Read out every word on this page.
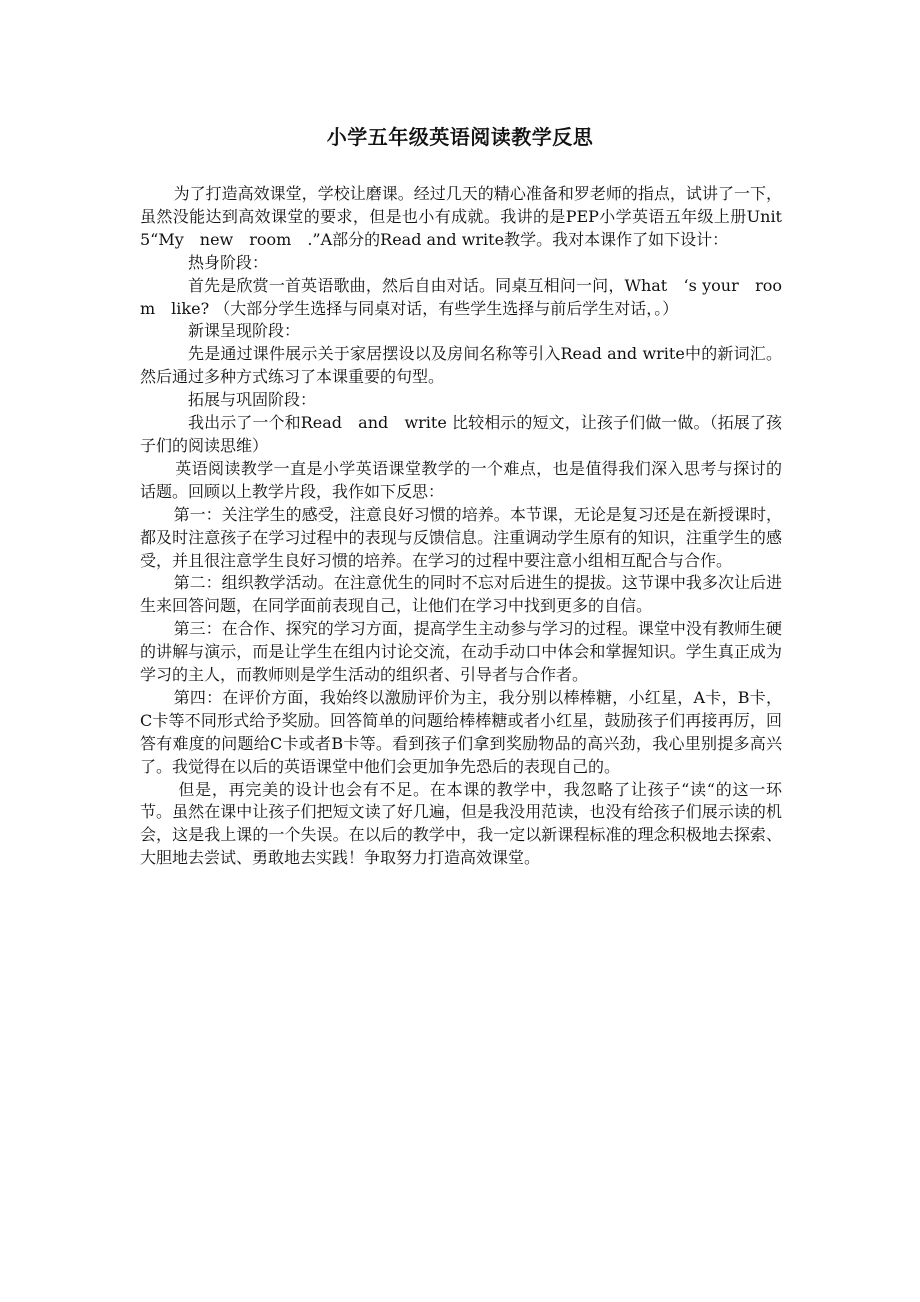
小学五年级英语阅读教学反思

为了打造高效课堂，学校让磨课。经过几天的精心准备和罗老师的指点，试讲了一下，虽然没能达到高效课堂的要求，但是也小有成就。我讲的是PEP小学英语五年级上册Unit 5“My　new　room　.”A部分的Read and write教学。我对本课作了如下设计：

热身阶段：

首先是欣赏一首英语歌曲，然后自由对话。同桌互相问一问，What　‘s your　room　like? （大部分学生选择与同桌对话，有些学生选择与前后学生对话，。）

新课呈现阶段：

先是通过课件展示关于家居摆设以及房间名称等引入Read and write中的新词汇。 然后通过多种方式练习了本课重要的句型。

拓展与巩固阶段：

我出示了一个和Read　and　write 比较相示的短文，让孩子们做一做。（拓展了孩子们的阅读思维）

英语阅读教学一直是小学英语课堂教学的一个难点，也是值得我们深入思考与探讨的话题。回顾以上教学片段，我作如下反思：

第一：关注学生的感受，注意良好习惯的培养。本节课，无论是复习还是在新授课时，都及时注意孩子在学习过程中的表现与反馈信息。注重调动学生原有的知识，注重学生的感受，并且很注意学生良好习惯的培养。在学习的过程中要注意小组相互配合与合作。

第二：组织教学活动。在注意优生的同时不忘对后进生的提拔。这节课中我多次让后进生来回答问题，在同学面前表现自己，让他们在学习中找到更多的自信。

第三：在合作、探究的学习方面，提高学生主动参与学习的过程。课堂中没有教师生硬的讲解与演示，而是让学生在组内讨论交流，在动手动口中体会和掌握知识。学生真正成为学习的主人，而教师则是学生活动的组织者、引导者与合作者。

第四：在评价方面，我始终以激励评价为主，我分别以棒棒糖，小红星，A卡，B卡，C卡等不同形式给予奖励。回答简单的问题给棒棒糖或者小红星，鼓励孩子们再接再厉，回答有难度的问题给C卡或者B卡等。看到孩子们拿到奖励物品的高兴劲，我心里别提多高兴了。我觉得在以后的英语课堂中他们会更加争先恐后的表现自己的。

但是，再完美的设计也会有不足。在本课的教学中，我忽略了让孩子“读“的这一环节。虽然在课中让孩子们把短文读了好几遍，但是我没用范读，也没有给孩子们展示读的机会，这是我上课的一个失误。在以后的教学中，我一定以新课程标准的理念积极地去探索、大胆地去尝试、勇敢地去实践！争取努力打造高效课堂。
